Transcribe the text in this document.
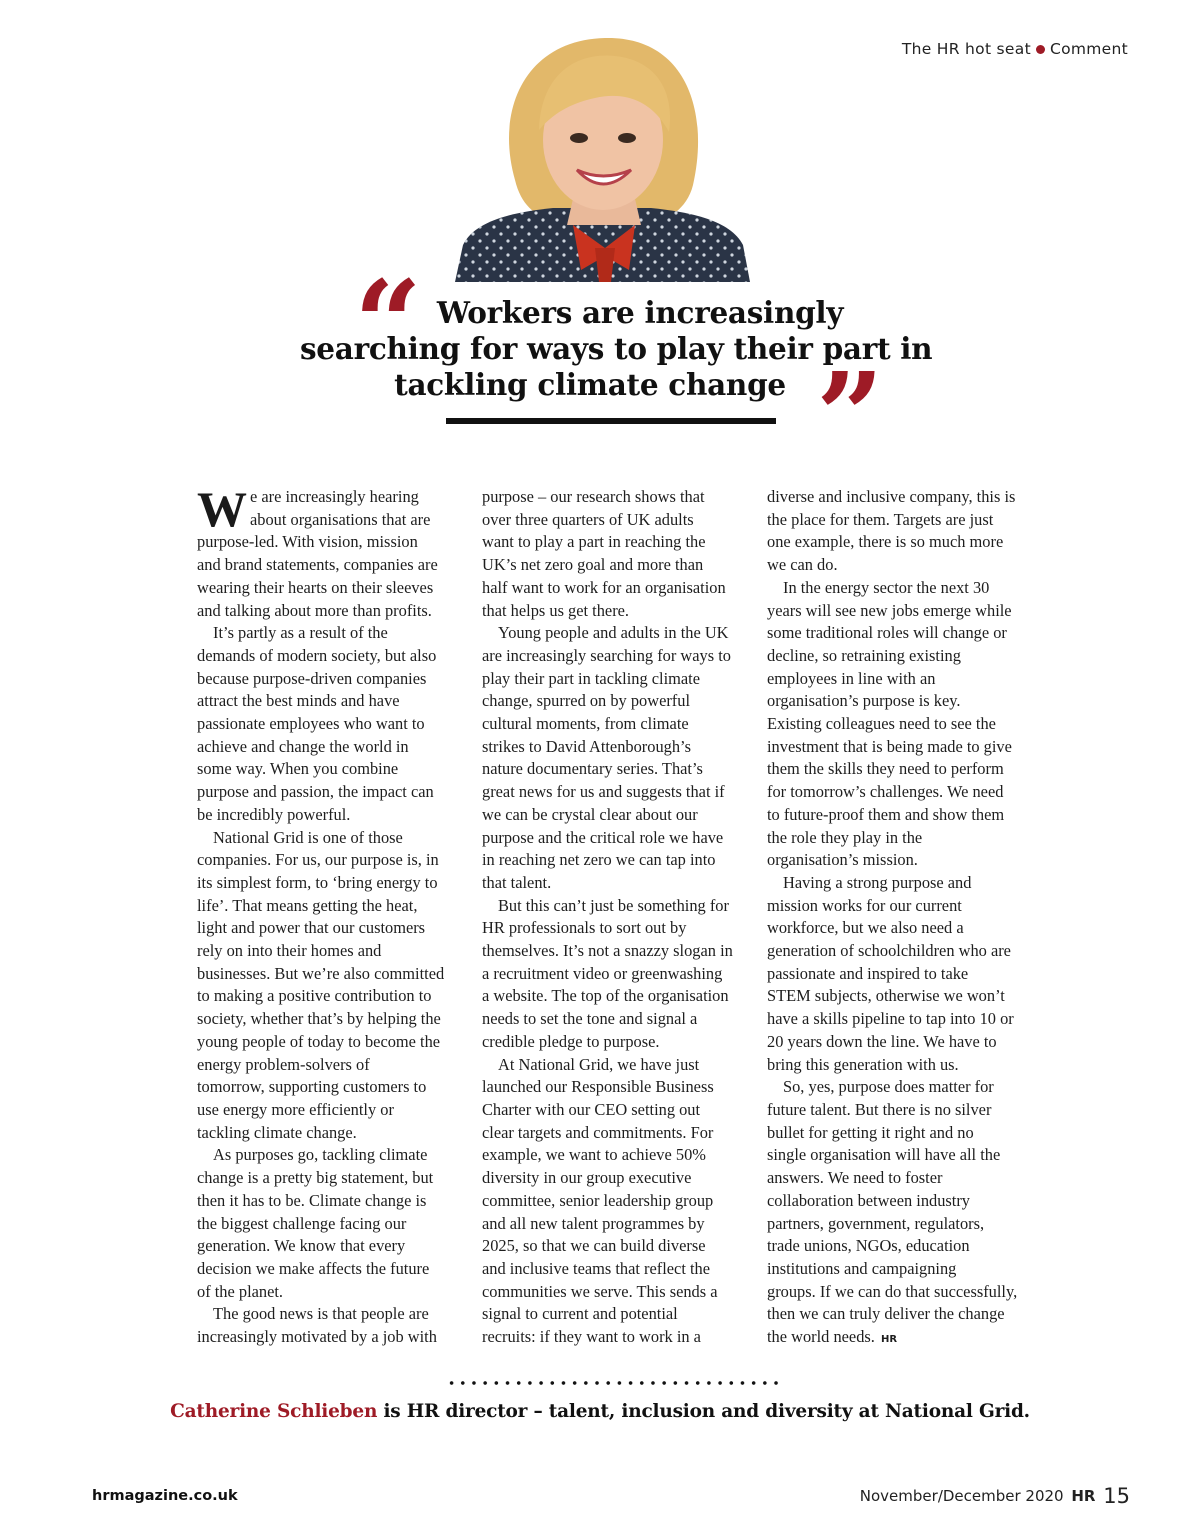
The HR hot seat Comment
“ Workers are increasingly
searching for ways to play their part in
tackling climate change ”
W e are increasingly hearing
about organisations that are
purpose-led. With vision, mission
and brand statements, companies are
wearing their hearts on their sleeves
and talking about more than profits.
It’s partly as a result of the
demands of modern society, but also
because purpose-driven companies
attract the best minds and have
passionate employees who want to
achieve and change the world in
some way. When you combine
purpose and passion, the impact can
be incredibly powerful.
National Grid is one of those
companies. For us, our purpose is, in
its simplest form, to ‘bring energy to
life’. That means getting the heat,
light and power that our customers
rely on into their homes and
businesses. But we’re also committed
to making a positive contribution to
society, whether that’s by helping the
young people of today to become the
energy problem-solvers of
tomorrow, supporting customers to
use energy more efficiently or
tackling climate change.
As purposes go, tackling climate
change is a pretty big statement, but
then it has to be. Climate change is
the biggest challenge facing our
generation. We know that every
decision we make affects the future
of the planet.
The good news is that people are
increasingly motivated by a job with
purpose – our research shows that
over three quarters of UK adults
want to play a part in reaching the
UK’s net zero goal and more than
half want to work for an organisation
that helps us get there.
Young people and adults in the UK
are increasingly searching for ways to
play their part in tackling climate
change, spurred on by powerful
cultural moments, from climate
strikes to David Attenborough’s
nature documentary series. That’s
great news for us and suggests that if
we can be crystal clear about our
purpose and the critical role we have
in reaching net zero we can tap into
that talent.
But this can’t just be something for
HR professionals to sort out by
themselves. It’s not a snazzy slogan in
a recruitment video or greenwashing
a website. The top of the organisation
needs to set the tone and signal a
credible pledge to purpose.
At National Grid, we have just
launched our Responsible Business
Charter with our CEO setting out
clear targets and commitments. For
example, we want to achieve 50%
diversity in our group executive
committee, senior leadership group
and all new talent programmes by
2025, so that we can build diverse
and inclusive teams that reflect the
communities we serve. This sends a
signal to current and potential
recruits: if they want to work in a
diverse and inclusive company, this is
the place for them. Targets are just
one example, there is so much more
we can do.
In the energy sector the next 30
years will see new jobs emerge while
some traditional roles will change or
decline, so retraining existing
employees in line with an
organisation’s purpose is key.
Existing colleagues need to see the
investment that is being made to give
them the skills they need to perform
for tomorrow’s challenges. We need
to future-proof them and show them
the role they play in the
organisation’s mission.
Having a strong purpose and
mission works for our current
workforce, but we also need a
generation of schoolchildren who are
passionate and inspired to take
STEM subjects, otherwise we won’t
have a skills pipeline to tap into 10 or
20 years down the line. We have to
bring this generation with us.
So, yes, purpose does matter for
future talent. But there is no silver
bullet for getting it right and no
single organisation will have all the
answers. We need to foster
collaboration between industry
partners, government, regulators,
trade unions, NGOs, education
institutions and campaigning
groups. If we can do that successfully,
then we can truly deliver the change
the world needs. HR
Catherine Schlieben is HR director – talent, inclusion and diversity at National Grid.
hrmagazine.co.uk	November/December 2020 HR 15
